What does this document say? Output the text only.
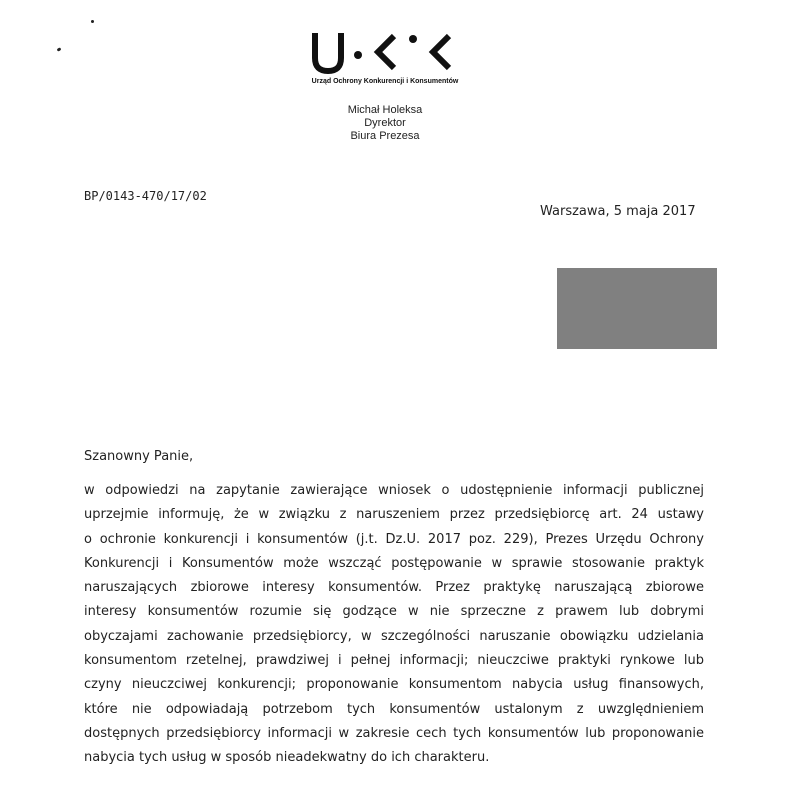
Urząd Ochrony Konkurencji i Konsumentów
Michał Holeksa
Dyrektor
Biura Prezesa
BP/0143-470/17/02
Warszawa, 5 maja 2017
Szanowny Panie,
w odpowiedzi na zapytanie zawierające wniosek o udostępnienie informacji publicznej
uprzejmie informuję, że w związku z naruszeniem przez przedsiębiorcę art. 24 ustawy
o ochronie konkurencji i konsumentów (j.t. Dz.U. 2017 poz. 229), Prezes Urzędu Ochrony
Konkurencji i Konsumentów może wszcząć postępowanie w sprawie stosowanie praktyk
naruszających zbiorowe interesy konsumentów. Przez praktykę naruszającą zbiorowe
interesy konsumentów rozumie się godzące w nie sprzeczne z prawem lub dobrymi
obyczajami zachowanie przedsiębiorcy, w szczególności naruszanie obowiązku udzielania
konsumentom rzetelnej, prawdziwej i pełnej informacji; nieuczciwe praktyki rynkowe lub
czyny nieuczciwej konkurencji; proponowanie konsumentom nabycia usług finansowych,
które nie odpowiadają potrzebom tych konsumentów ustalonym z uwzględnieniem
dostępnych przedsiębiorcy informacji w zakresie cech tych konsumentów lub proponowanie
nabycia tych usług w sposób nieadekwatny do ich charakteru.
